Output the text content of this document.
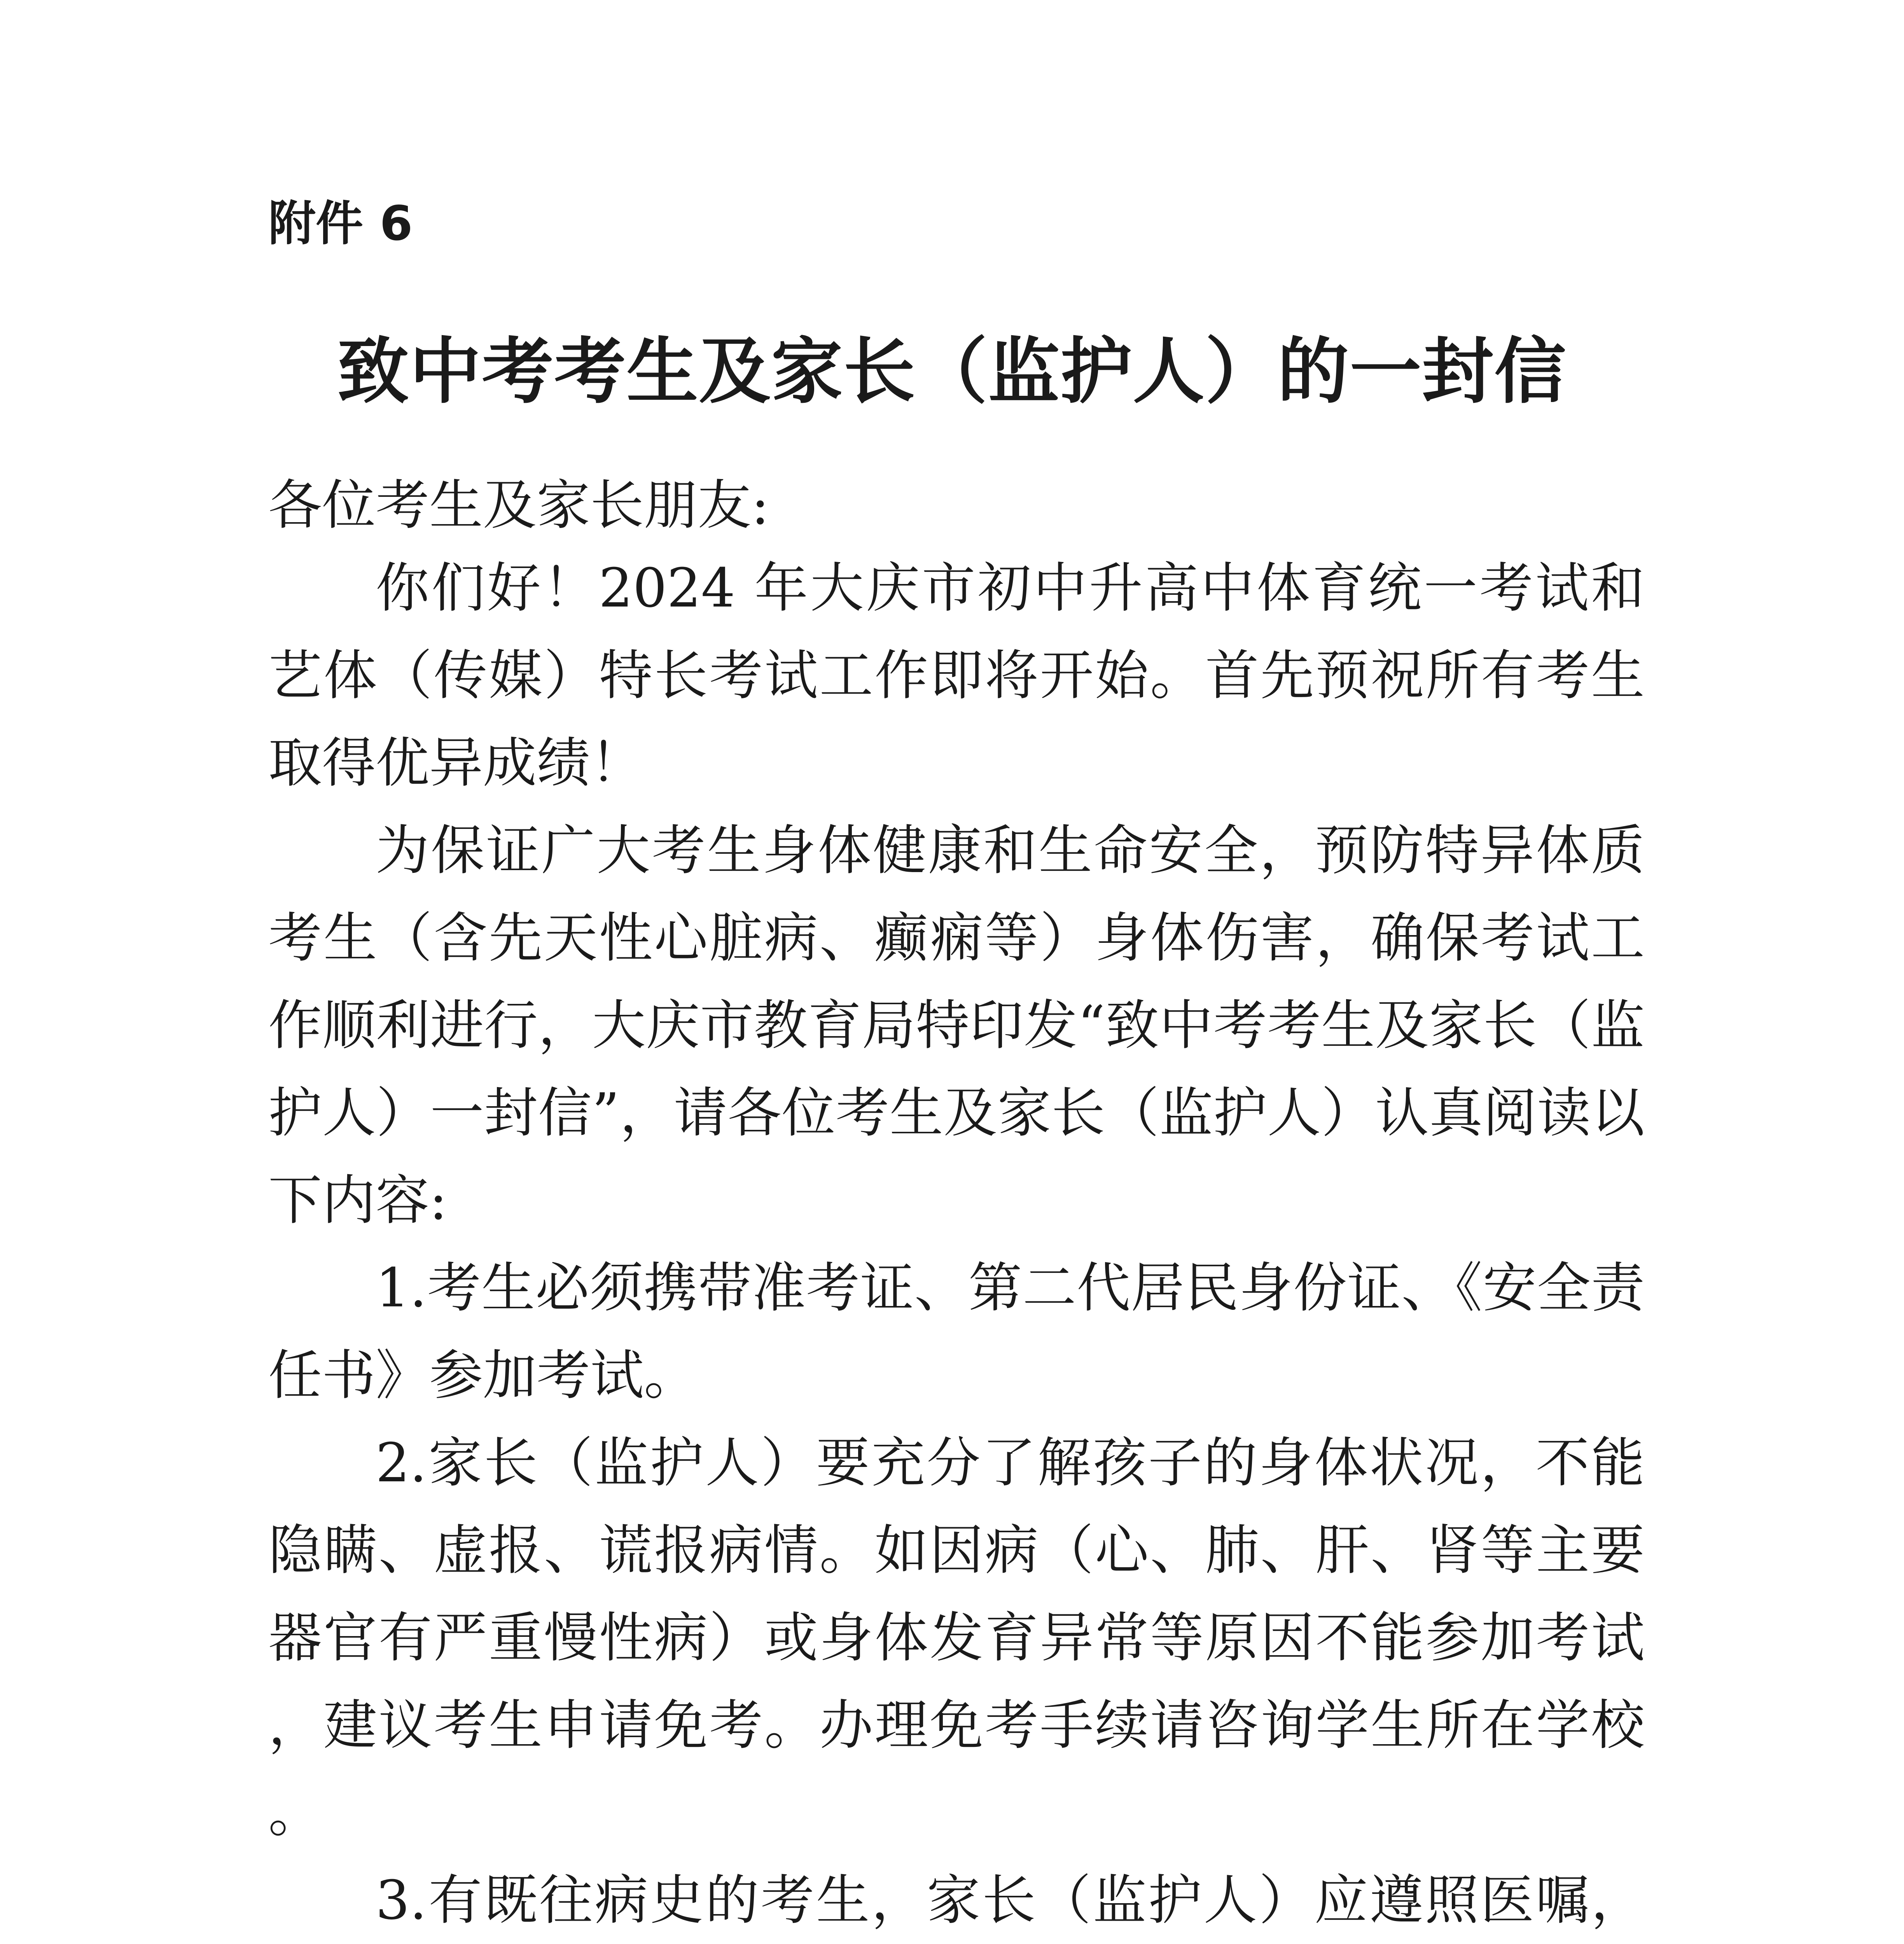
附件 6

致中考考生及家长（监护人）的一封信

各位考生及家长朋友:

你们好！2024 年大庆市初中升高中体育统一考试和艺体（传媒）特长考试工作即将开始。首先预祝所有考生取得优异成绩！

为保证广大考生身体健康和生命安全，预防特异体质考生（含先天性心脏病、癫痫等）身体伤害，确保考试工作顺利进行，大庆市教育局特印发“致中考考生及家长（监护人）一封信”，请各位考生及家长（监护人）认真阅读以下内容:

1.考生必须携带准考证、第二代居民身份证、《安全责任书》参加考试。

2.家长（监护人）要充分了解孩子的身体状况，不能隐瞒、虚报、谎报病情。如因病（心、肺、肝、肾等主要器官有严重慢性病）或身体发育异常等原因不能参加考试，建议考生申请免考。办理免考手续请咨询学生所在学校。

3.有既往病史的考生，家长（监护人）应遵照医嘱，
